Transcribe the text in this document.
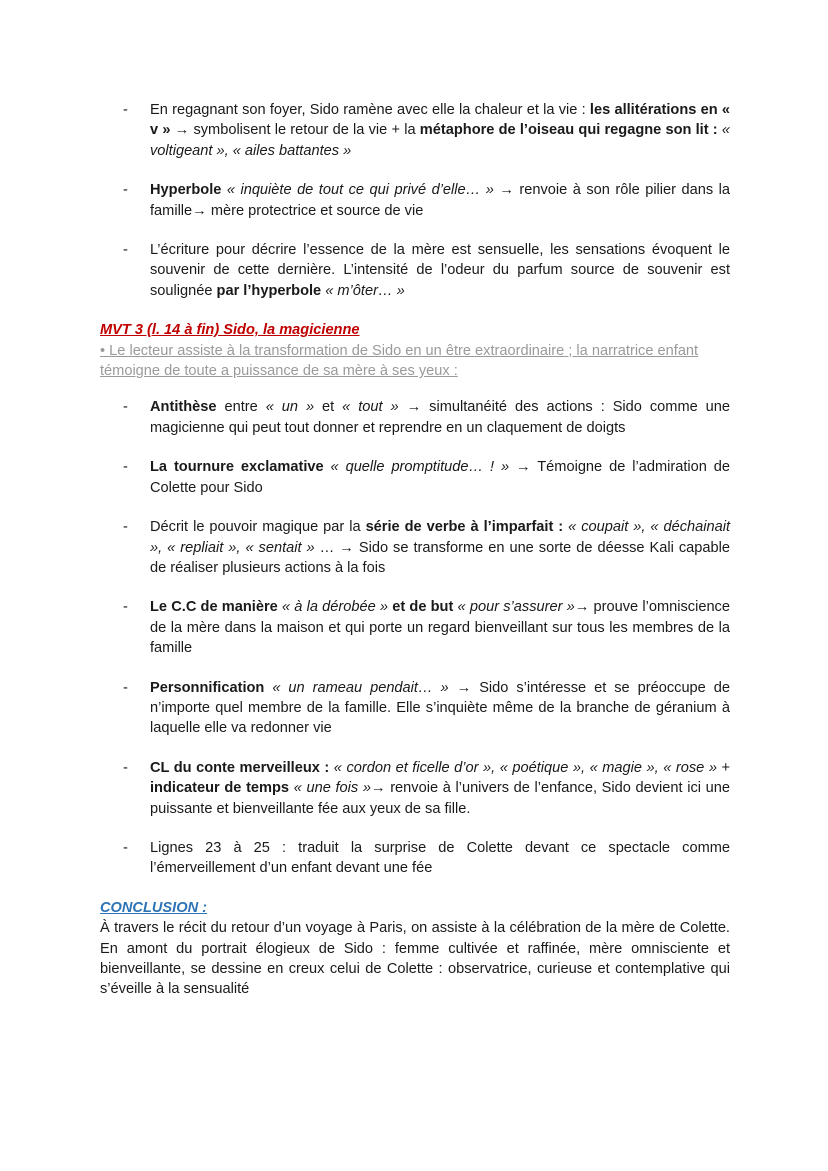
- En regagnant son foyer, Sido ramène avec elle la chaleur et la vie : les allitérations en « v » → symbolisent le retour de la vie + la métaphore de l’oiseau qui regagne son lit : « voltigeant », « ailes battantes »
- Hyperbole « inquiète de tout ce qui privé d’elle… » → renvoie à son rôle pilier dans la famille→ mère protectrice et source de vie
- L’écriture pour décrire l’essence de la mère est sensuelle, les sensations évoquent le souvenir de cette dernière. L’intensité de l’odeur du parfum source de souvenir est soulignée par l’hyperbole « m’ôter… »
MVT 3 (l. 14 à fin) Sido, la magicienne
• Le lecteur assiste à la transformation de Sido en un être extraordinaire ; la narratrice enfant témoigne de toute a puissance de sa mère à ses yeux :
- Antithèse entre « un » et « tout » → simultanéité des actions : Sido comme une magicienne qui peut tout donner et reprendre en un claquement de doigts
- La tournure exclamative « quelle promptitude… ! » → Témoigne de l’admiration de Colette pour Sido
- Décrit le pouvoir magique par la série de verbe à l’imparfait : « coupait », « déchainait », « repliait », « sentait » … → Sido se transforme en une sorte de déesse Kali capable de réaliser plusieurs actions à la fois
- Le C.C de manière « à la dérobée » et de but « pour s’assurer »→ prouve l’omniscience de la mère dans la maison et qui porte un regard bienveillant sur tous les membres de la famille
- Personnification « un rameau pendait… » → Sido s’intéresse et se préoccupe de n’importe quel membre de la famille. Elle s’inquiète même de la branche de géranium à laquelle elle va redonner vie
- CL du conte merveilleux : « cordon et ficelle d’or », « poétique », « magie », « rose » + indicateur de temps « une fois »→ renvoie à l’univers de l’enfance, Sido devient ici une puissante et bienveillante fée aux yeux de sa fille.
- Lignes 23 à 25 : traduit la surprise de Colette devant ce spectacle comme l’émerveillement d’un enfant devant une fée
CONCLUSION :

À travers le récit du retour d’un voyage à Paris, on assiste à la célébration de la mère de Colette. En amont du portrait élogieux de Sido : femme cultivée et raffinée, mère omnisciente et bienveillante, se dessine en creux celui de Colette : observatrice, curieuse et contemplative qui s’éveille à la sensualité
